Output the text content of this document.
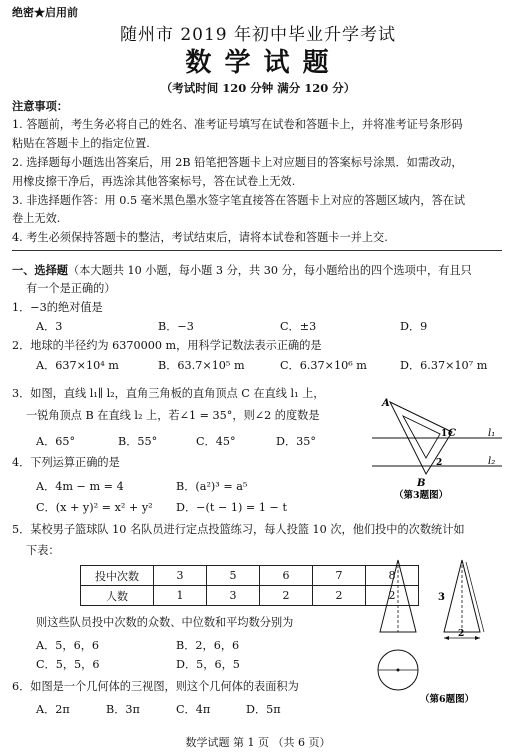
绝密★启用前
随州市 2019 年初中毕业升学考试
数 学 试 题
（考试时间 120 分钟 满分 120 分）
注意事项：
1. 答题前，考生务必将自己的姓名、准考证号填写在试卷和答题卡上，并将准考证号条形码
粘贴在答题卡上的指定位置.
2. 选择题每小题选出答案后，用 2B 铅笔把答题卡上对应题目的答案标号涂黑．如需改动，
用橡皮擦干净后，再选涂其他答案标号，答在试卷上无效.
3. 非选择题作答：用 0.5 毫米黑色墨水签字笔直接答在答题卡上对应的答题区域内，答在试
卷上无效.
4. 考生必须保持答题卡的整洁，考试结束后，请将本试卷和答题卡一并上交.
一、选择题（本大题共 10 小题，每小题 3 分，共 30 分，每小题给出的四个选项中，有且只
有一个是正确的）
1．−3的绝对值是
A．3	B．−3	C．±3	D．9
2．地球的半径约为 6370000 m，用科学记数法表示正确的是
A．637×10⁴ m	B．63.7×10⁵ m	C．6.37×10⁶ m	D．6.37×10⁷ m
3．如图，直线 l₁∥ l₂，直角三角板的直角顶点 C 在直线 l₁ 上，
一锐角顶点 B 在直线 l₂ 上，若∠1 = 35°，则∠2 的度数是
A．65°	B．55°	C．45°	D．35°
A
C
B
1
2
l₁
l₂
（第3题图）
4．下列运算正确的是
A．4m − m = 4	B．(a²)³ = a⁵
C．(x + y)² = x² + y² D．−(t − 1) = 1 − t
5．某校男子篮球队 10 名队员进行定点投篮练习，每人投篮 10 次，他们投中的次数统计如
下表：
投中次数	3	5	6	7	8
人数	1	3	2	2	2
则这些队员投中次数的众数、中位数和平均数分别为
A．5，6，6	B．2，6，6
C．5，5，6	D．5，6，5
6．如图是一个几何体的三视图，则这个几何体的表面积为
A．2π	B．3π	C．4π	D．5π
3
2
（第6题图）
数学试题 第 1 页 （共 6 页）
